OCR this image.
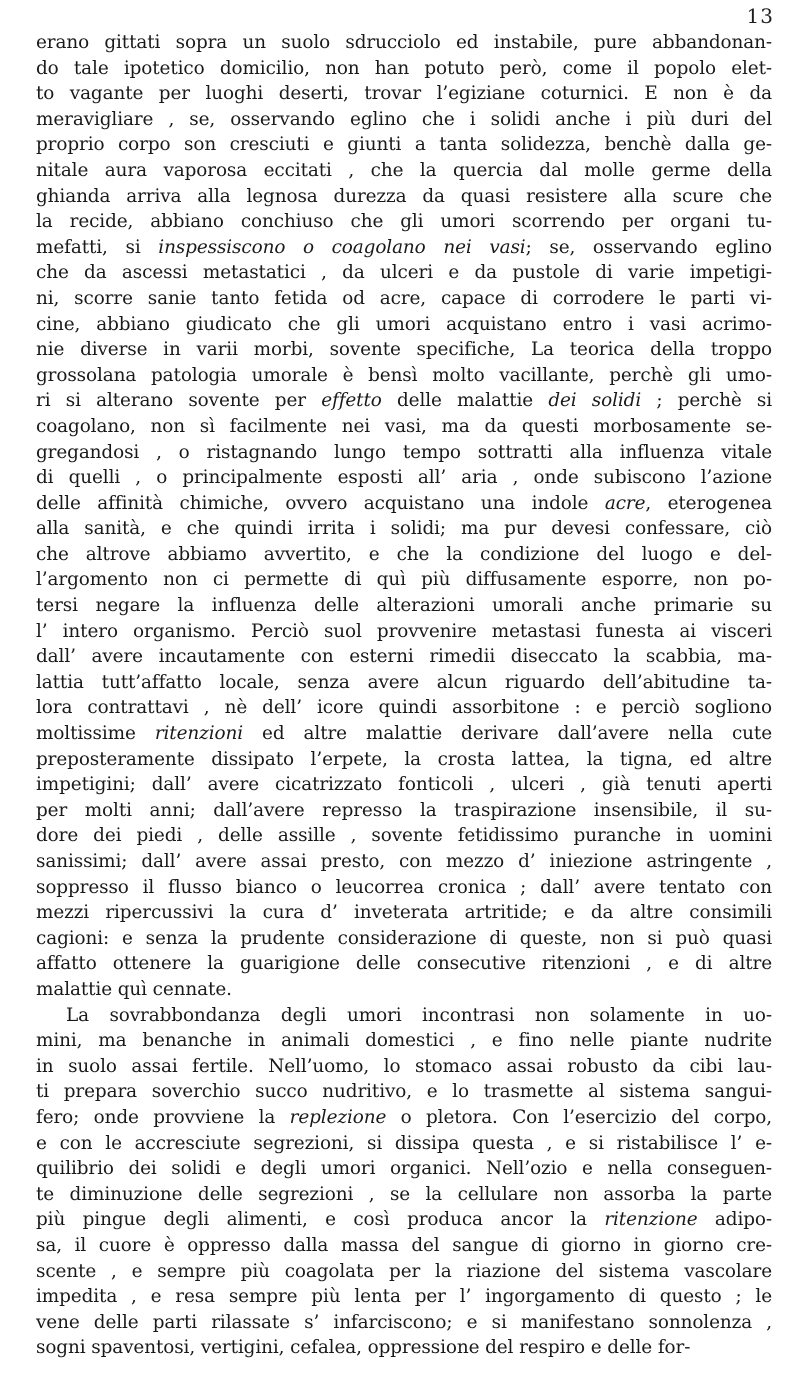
13
erano gittati sopra un suolo sdrucciolo ed instabile, pure abbandonan-
do tale ipotetico domicilio, non han potuto però, come il popolo elet-
to vagante per luoghi deserti, trovar l’egiziane coturnici. E non è da
meravigliare , se, osservando eglino che i solidi anche i più duri del
proprio corpo son cresciuti e giunti a tanta solidezza, benchè dalla ge-
nitale aura vaporosa eccitati , che la quercia dal molle germe della
ghianda arriva alla legnosa durezza da quasi resistere alla scure che
la recide, abbiano conchiuso che gli umori scorrendo per organi tu-
mefatti, si inspessiscono o coagolano nei vasi; se, osservando eglino
che da ascessi metastatici , da ulceri e da pustole di varie impetigi-
ni, scorre sanie tanto fetida od acre, capace di corrodere le parti vi-
cine, abbiano giudicato che gli umori acquistano entro i vasi acrimo-
nie diverse in varii morbi, sovente specifiche, La teorica della troppo
grossolana patologia umorale è bensì molto vacillante, perchè gli umo-
ri si alterano sovente per effetto delle malattie dei solidi ; perchè si
coagolano, non sì facilmente nei vasi, ma da questi morbosamente se-
gregandosi , o ristagnando lungo tempo sottratti alla influenza vitale
di quelli , o principalmente esposti all’ aria , onde subiscono l’azione
delle affinità chimiche, ovvero acquistano una indole acre, eterogenea
alla sanità, e che quindi irrita i solidi; ma pur devesi confessare, ciò
che altrove abbiamo avvertito, e che la condizione del luogo e del-
l’argomento non ci permette di quì più diffusamente esporre, non po-
tersi negare la influenza delle alterazioni umorali anche primarie su
l’ intero organismo. Perciò suol provvenire metastasi funesta ai visceri
dall’ avere incautamente con esterni rimedii diseccato la scabbia, ma-
lattia tutt’affatto locale, senza avere alcun riguardo dell’abitudine ta-
lora contrattavi , nè dell’ icore quindi assorbitone : e perciò sogliono
moltissime ritenzioni ed altre malattie derivare dall’avere nella cute
preposteramente dissipato l’erpete, la crosta lattea, la tigna, ed altre
impetigini; dall’ avere cicatrizzato fonticoli , ulceri , già tenuti aperti
per molti anni; dall’avere represso la traspirazione insensibile, il su-
dore dei piedi , delle assille , sovente fetidissimo puranche in uomini
sanissimi; dall’ avere assai presto, con mezzo d’ iniezione astringente ,
soppresso il flusso bianco o leucorrea cronica ; dall’ avere tentato con
mezzi ripercussivi la cura d’ inveterata artritide; e da altre consimili
cagioni: e senza la prudente considerazione di queste, non si può quasi
affatto ottenere la guarigione delle consecutive ritenzioni , e di altre
malattie quì cennate.
La sovrabbondanza degli umori incontrasi non solamente in uo-
mini, ma benanche in animali domestici , e fino nelle piante nudrite
in suolo assai fertile. Nell’uomo, lo stomaco assai robusto da cibi lau-
ti prepara soverchio succo nudritivo, e lo trasmette al sistema sangui-
fero; onde provviene la replezione o pletora. Con l’esercizio del corpo,
e con le accresciute segrezioni, si dissipa questa , e si ristabilisce l’ e-
quilibrio dei solidi e degli umori organici. Nell’ozio e nella conseguen-
te diminuzione delle segrezioni , se la cellulare non assorba la parte
più pingue degli alimenti, e così produca ancor la ritenzione adipo-
sa, il cuore è oppresso dalla massa del sangue di giorno in giorno cre-
scente , e sempre più coagolata per la riazione del sistema vascolare
impedita , e resa sempre più lenta per l’ ingorgamento di questo ; le
vene delle parti rilassate s’ infarciscono; e si manifestano sonnolenza ,
sogni spaventosi, vertigini, cefalea, oppressione del respiro e delle for-
